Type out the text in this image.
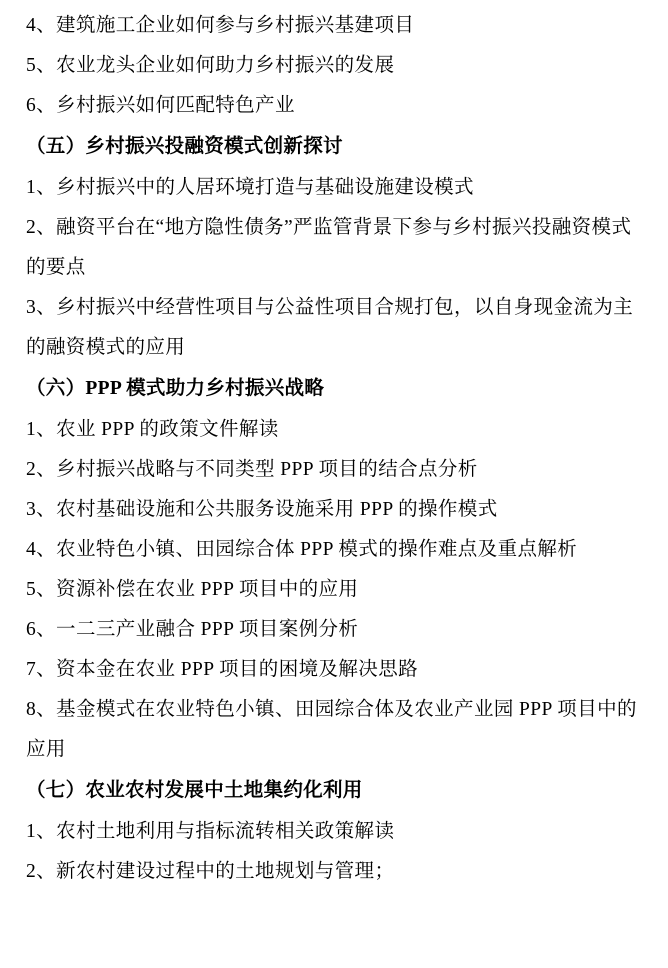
4、建筑施工企业如何参与乡村振兴基建项目
5、农业龙头企业如何助力乡村振兴的发展
6、乡村振兴如何匹配特色产业
（五）乡村振兴投融资模式创新探讨
1、乡村振兴中的人居环境打造与基础设施建设模式
2、融资平台在“地方隐性债务”严监管背景下参与乡村振兴投融资模式的要点
3、乡村振兴中经营性项目与公益性项目合规打包，以自身现金流为主的融资模式的应用
（六）PPP 模式助力乡村振兴战略
1、农业 PPP 的政策文件解读
2、乡村振兴战略与不同类型 PPP 项目的结合点分析
3、农村基础设施和公共服务设施采用 PPP 的操作模式
4、农业特色小镇、田园综合体 PPP 模式的操作难点及重点解析
5、资源补偿在农业 PPP 项目中的应用
6、一二三产业融合 PPP 项目案例分析
7、资本金在农业 PPP 项目的困境及解决思路
8、基金模式在农业特色小镇、田园综合体及农业产业园 PPP 项目中的应用
（七）农业农村发展中土地集约化利用
1、农村土地利用与指标流转相关政策解读
2、新农村建设过程中的土地规划与管理；
